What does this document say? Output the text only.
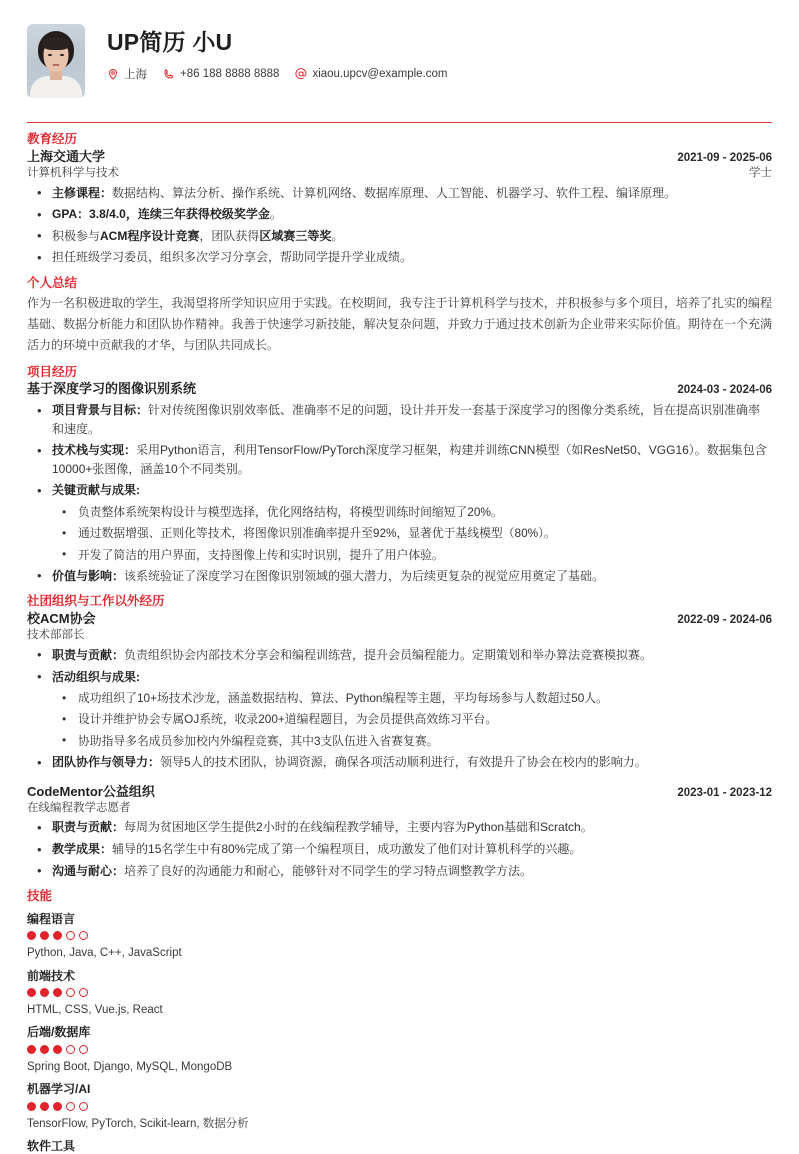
UP简历 小U
上海	+86 188 8888 8888	xiaou.upcv@example.com
教育经历
上海交通大学	2021-09 - 2025-06
计算机科学与技术	学士
• 主修课程：数据结构、算法分析、操作系统、计算机网络、数据库原理、人工智能、机器学习、软件工程、编译原理。
• GPA：3.8/4.0，连续三年获得校级奖学金。
• 积极参与ACM程序设计竞赛，团队获得区域赛三等奖。
• 担任班级学习委员，组织多次学习分享会，帮助同学提升学业成绩。
个人总结
作为一名积极进取的学生，我渴望将所学知识应用于实践。在校期间，我专注于计算机科学与技术，并积极参与多个项目，培养了扎实的编程基础、数据分析能力和团队协作精神。我善于快速学习新技能，解决复杂问题，并致力于通过技术创新为企业带来实际价值。期待在一个充满活力的环境中贡献我的才华，与团队共同成长。
项目经历
基于深度学习的图像识别系统	2024-03 - 2024-06
• 项目背景与目标：针对传统图像识别效率低、准确率不足的问题，设计并开发一套基于深度学习的图像分类系统，旨在提高识别准确率和速度。
• 技术栈与实现：采用Python语言，利用TensorFlow/PyTorch深度学习框架，构建并训练CNN模型（如ResNet50、VGG16）。数据集包含10000+张图像，涵盖10个不同类别。
• 关键贡献与成果:
• 负责整体系统架构设计与模型选择，优化网络结构，将模型训练时间缩短了20%。
• 通过数据增强、正则化等技术，将图像识别准确率提升至92%，显著优于基线模型（80%）。
• 开发了简洁的用户界面，支持图像上传和实时识别，提升了用户体验。
• 价值与影响：该系统验证了深度学习在图像识别领域的强大潜力，为后续更复杂的视觉应用奠定了基础。
社团组织与工作以外经历
校ACM协会	2022-09 - 2024-06
技术部部长
• 职责与贡献：负责组织协会内部技术分享会和编程训练营，提升会员编程能力。定期策划和举办算法竞赛模拟赛。
• 活动组织与成果:
• 成功组织了10+场技术沙龙，涵盖数据结构、算法、Python编程等主题，平均每场参与人数超过50人。
• 设计并维护协会专属OJ系统，收录200+道编程题目，为会员提供高效练习平台。
• 协助指导多名成员参加校内外编程竞赛，其中3支队伍进入省赛复赛。
• 团队协作与领导力：领导5人的技术团队，协调资源，确保各项活动顺利进行，有效提升了协会在校内的影响力。
CodeMentor公益组织	2023-01 - 2023-12
在线编程教学志愿者
• 职责与贡献：每周为贫困地区学生提供2小时的在线编程教学辅导，主要内容为Python基础和Scratch。
• 教学成果：辅导的15名学生中有80%完成了第一个编程项目，成功激发了他们对计算机科学的兴趣。
• 沟通与耐心：培养了良好的沟通能力和耐心，能够针对不同学生的学习特点调整教学方法。
技能
编程语言
Python, Java, C++, JavaScript
前端技术
HTML, CSS, Vue.js, React
后端/数据库
Spring Boot, Django, MySQL, MongoDB
机器学习/AI
TensorFlow, PyTorch, Scikit-learn, 数据分析
软件工具
